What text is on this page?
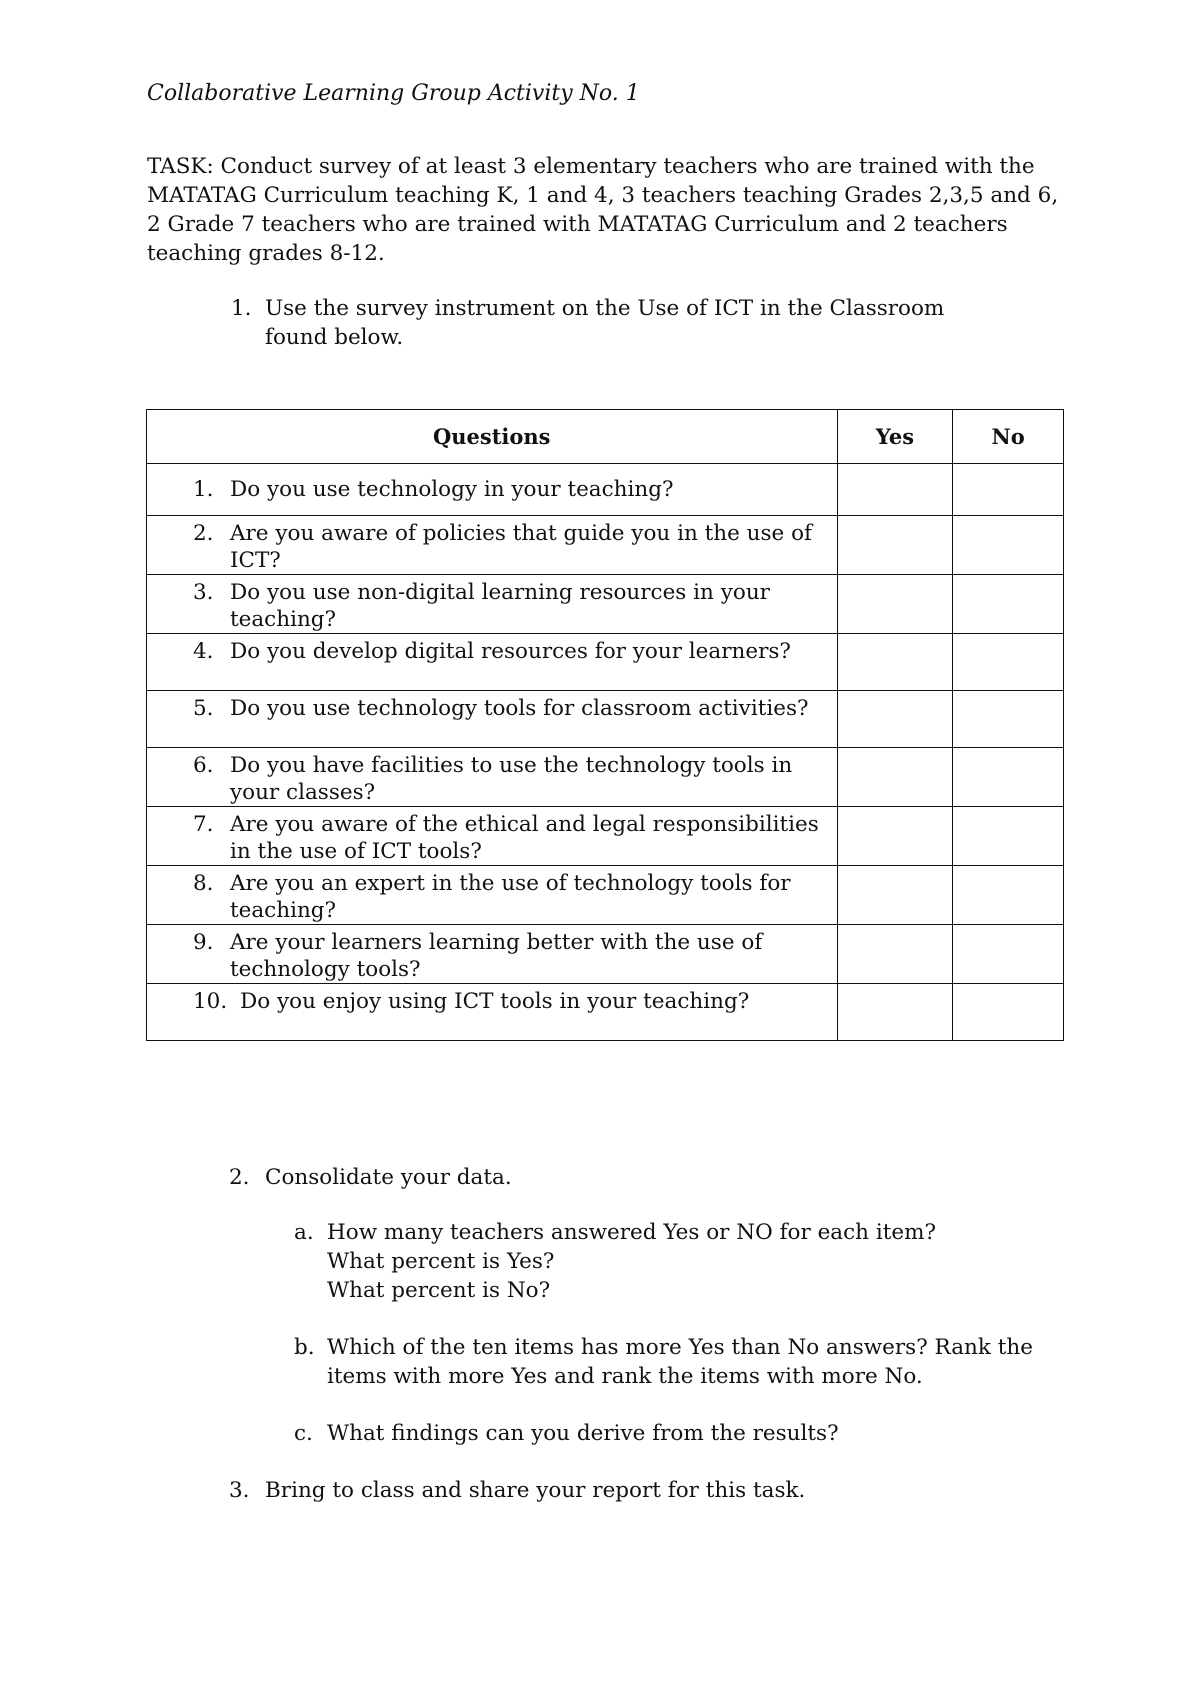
Collaborative Learning Group Activity No. 1

TASK: Conduct survey of at least 3 elementary teachers who are trained with the MATATAG Curriculum teaching K, 1 and 4, 3 teachers teaching Grades 2,3,5 and 6, 2 Grade 7 teachers who are trained with MATATAG Curriculum and 2 teachers teaching grades 8-12.

1. Use the survey instrument on the Use of ICT in the Classroom found below.
Questions	Yes	No

1. Do you use technology in your teaching?		

2. Are you aware of policies that guide you in the use of ICT?		

3. Do you use non-digital learning resources in your teaching?		

4. Do you develop digital resources for your learners?		

5. Do you use technology tools for classroom activities?		

6. Do you have facilities to use the technology tools in your classes?		

7. Are you aware of the ethical and legal responsibilities in the use of ICT tools?		

8. Are you an expert in the use of technology tools for teaching?		

9. Are your learners learning better with the use of technology tools?		

10. Do you enjoy using ICT tools in your teaching?		

2. Consolidate your data.
a. How many teachers answered Yes or NO for each item?
What percent is Yes?
What percent is No?
b. Which of the ten items has more Yes than No answers? Rank the items with more Yes and rank the items with more No.
c. What findings can you derive from the results?
3. Bring to class and share your report for this task.
